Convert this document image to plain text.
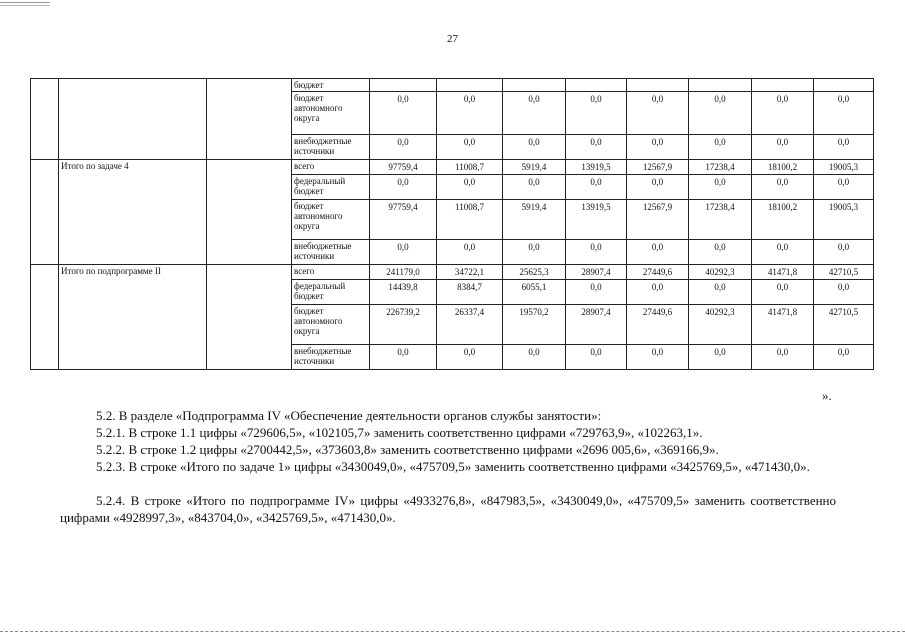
27
			бюджет								
			бюджет автономного округа	0,0	0,0	0,0	0,0	0,0	0,0	0,0	0,0
			внебюджетные источники	0,0	0,0	0,0	0,0	0,0	0,0	0,0	0,0
	Итого по задаче 4		всего	97759,4	11008,7	5919,4	13919,5	12567,9	17238,4	18100,2	19005,3
			федеральный бюджет	0,0	0,0	0,0	0,0	0,0	0,0	0,0	0,0
			бюджет автономного округа	97759,4	11008,7	5919,4	13919,5	12567,9	17238,4	18100,2	19005,3
			внебюджетные источники	0,0	0,0	0,0	0,0	0,0	0,0	0,0	0,0
	Итого по подпрограмме II		всего	241179,0	34722,1	25625,3	28907,4	27449,6	40292,3	41471,8	42710,5
			федеральный бюджет	14439,8	8384,7	6055,1	0,0	0,0	0,0	0,0	0,0
			бюджет автономного округа	226739,2	26337,4	19570,2	28907,4	27449,6	40292,3	41471,8	42710,5
			внебюджетные источники	0,0	0,0	0,0	0,0	0,0	0,0	0,0	0,0
».
5.2. В разделе «Подпрограмма IV «Обеспечение деятельности органов службы занятости»:
5.2.1. В строке 1.1 цифры «729606,5», «102105,7» заменить соответственно цифрами «729763,9», «102263,1».
5.2.2. В строке 1.2 цифры «2700442,5», «373603,8» заменить соответственно цифрами «2696 005,6», «369166,9».
5.2.3. В строке «Итого по задаче 1» цифры «3430049,0», «475709,5» заменить соответственно цифрами «3425769,5», «471430,0».
5.2.4. В строке «Итого по подпрограмме IV» цифры «4933276,8», «847983,5», «3430049,0», «475709,5» заменить соответственно цифрами «4928997,3», «843704,0», «3425769,5», «471430,0».
